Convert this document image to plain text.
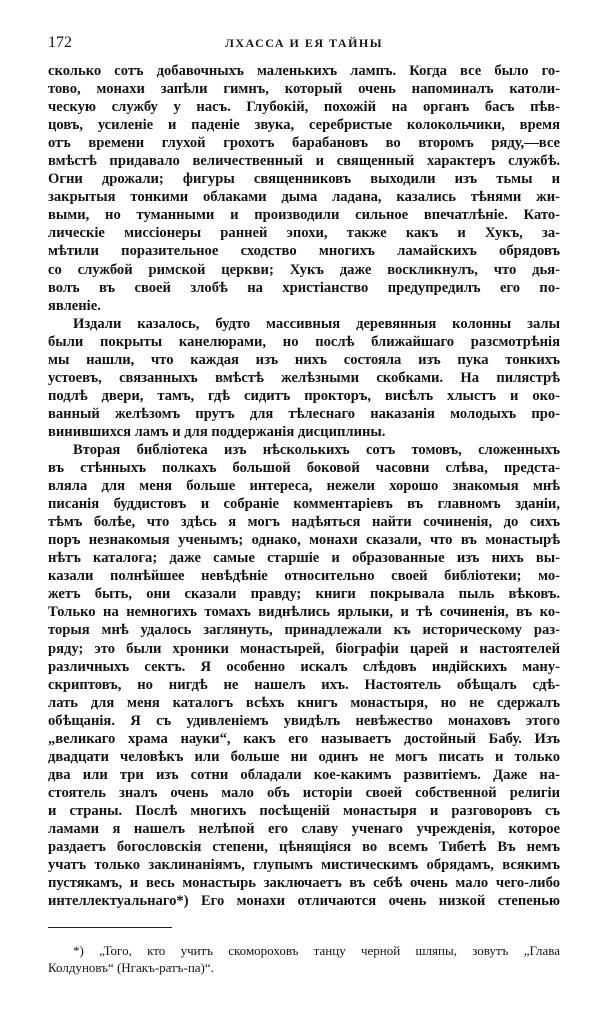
172	ЛХАССА И ЕЯ ТАЙНЫ
сколько сотъ добавочныхъ маленькихъ лампъ. Когда все было го-
тово, монахи запѣли гимнъ, который очень напоминалъ католи-
ческую службу у насъ. Глубокій, похожій на органъ басъ пѣв-
цовъ, усиленіе и паденіе звука, серебристые колокольчики, время
отъ времени глухой грохотъ барабановъ во второмъ ряду,—все
вмѣстѣ придавало величественный и священный характеръ службѣ.
Огни дрожали; фигуры священниковъ выходили изъ тьмы и
закрытыя тонкими облаками дыма ладана, казались тѣнями жи-
выми, но туманными и производили сильное впечатлѣніе. Като-
лическіе миссіонеры ранней эпохи, также какъ и Хукъ, за-
мѣтили поразительное сходство многихъ ламайскихъ обрядовъ
со службой римской церкви; Хукъ даже воскликнулъ, что дья-
волъ въ своей злобѣ на христіанство предупредилъ его по-
явленіе.
Издали казалось, будто массивныя деревянныя колонны залы
были покрыты канелюрами, но послѣ ближайшаго разсмотрѣнія
мы нашли, что каждая изъ нихъ состояла изъ пука тонкихъ
устоевъ, связанныхъ вмѣстѣ желѣзными скобками. На пилястрѣ
подлѣ двери, тамъ, гдѣ сидитъ прокторъ, висѣлъ хлыстъ и око-
ванный желѣзомъ прутъ для тѣлеснаго наказанія молодыхъ про-
винившихся ламъ и для поддержанія дисциплины.
Вторая библіотека изъ нѣсколькихъ сотъ томовъ, сложенныхъ
въ стѣнныхъ полкахъ большой боковой часовни слѣва, предста-
вляла для меня больше интереса, нежели хорошо знакомыя мнѣ
писанія буддистовъ и собраніе комментаріевъ въ главномъ зданіи,
тѣмъ болѣе, что здѣсь я могъ надѣяться найти сочиненія, до сихъ
поръ незнакомыя ученымъ; однако, монахи сказали, что въ монастырѣ
нѣтъ каталога; даже самые старшіе и образованные изъ нихъ вы-
казали полнѣйшее невѣдѣніе относительно своей библіотеки; мо-
жетъ быть, они сказали правду; книги покрывала пыль вѣковъ.
Только на немногихъ томахъ виднѣлись ярлыки, и тѣ сочиненія, въ ко-
торыя мнѣ удалось заглянуть, принадлежали къ историческому раз-
ряду; это были хроники монастырей, біографіи царей и настоятелей
различныхъ сектъ. Я особенно искалъ слѣдовъ индійскихъ ману-
скриптовъ, но нигдѣ не нашелъ ихъ. Настоятель обѣщалъ сдѣ-
лать для меня каталогъ всѣхъ книгъ монастыря, но не сдержалъ
обѣщанія. Я съ удивленіемъ увидѣлъ невѣжество монаховъ этого
„великаго храма науки“, какъ его называетъ достойный Бабу. Изъ
двадцати человѣкъ или больше ни одинъ не могъ писать и только
два или три изъ сотни обладали кое-какимъ развитіемъ. Даже на-
стоятель зналъ очень мало объ исторіи своей собственной религіи
и страны. Послѣ многихъ посѣщеній монастыря и разговоровъ съ
ламами я нашелъ нелѣпой его славу ученаго учрежденія, которое
раздаетъ богословскія степени, цѣнящіяся во всемъ Тибетѣ Въ немъ
учатъ только заклинаніямъ, глупымъ мистическимъ обрядамъ, всякимъ
пустякамъ, и весь монастырь заключаетъ въ себѣ очень мало чего-либо
интеллектуальнаго*) Его монахи отличаются очень низкой степенью
*) „Того, кто учитъ скомороховъ танцу черной шляпы, зовутъ „Глава
Колдуновъ“ (Нгакъ-ратъ-па)“.
